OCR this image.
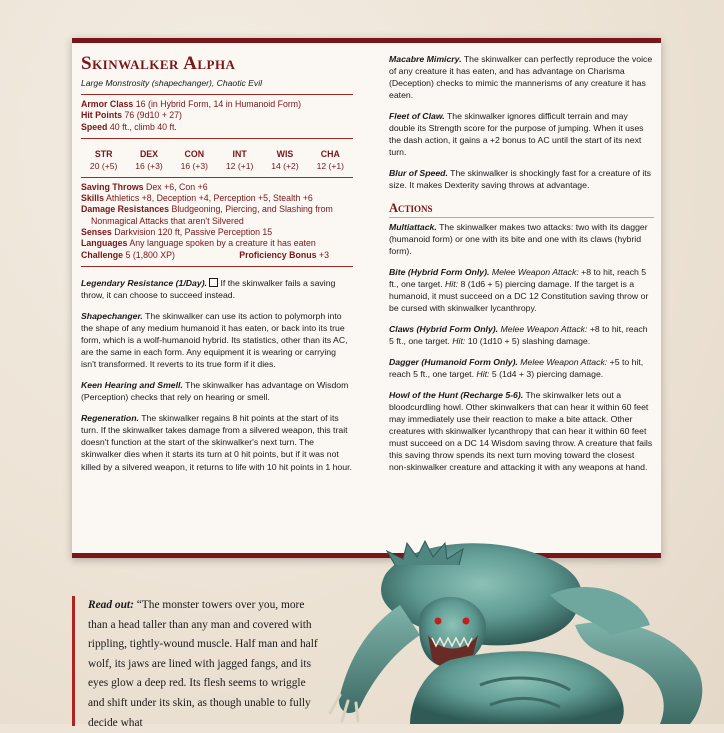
Skinwalker Alpha
Large Monstrosity (shapechanger), Chaotic Evil
Armor Class 16 (in Hybrid Form, 14 in Humanoid Form)
Hit Points 76 (9d10 + 27)
Speed 40 ft., climb 40 ft.
STR
20 (+5)
DEX
16 (+3)
CON
16 (+3)
INT
12 (+1)
WIS
14 (+2)
CHA
12 (+1)
Saving Throws Dex +6, Con +6
Skills Athletics +8, Deception +4, Perception +5, Stealth +6
Damage Resistances Bludgeoning, Piercing, and Slashing from Nonmagical Attacks that aren't Silvered
Senses Darkvision 120 ft, Passive Perception 15
Languages Any language spoken by a creature it has eaten
Challenge 5 (1,800 XP)	Proficiency Bonus +3

Legendary Resistance (1/Day). If the skinwalker fails a saving throw, it can choose to succeed instead.

Shapechanger. The skinwalker can use its action to polymorph into the shape of any medium humanoid it has eaten, or back into its true form, which is a wolf-humanoid hybrid. Its statistics, other than its AC, are the same in each form. Any equipment it is wearing or carrying isn't transformed. It reverts to its true form if it dies.

Keen Hearing and Smell. The skinwalker has advantage on Wisdom (Perception) checks that rely on hearing or smell.

Regeneration. The skinwalker regains 8 hit points at the start of its turn. If the skinwalker takes damage from a silvered weapon, this trait doesn't function at the start of the skinwalker's next turn. The skinwalker dies when it starts its turn at 0 hit points, but if it was not killed by a silvered weapon, it returns to life with 10 hit points in 1 hour.

Macabre Mimicry. The skinwalker can perfectly reproduce the voice of any creature it has eaten, and has advantage on Charisma (Deception) checks to mimic the mannerisms of any creature it has eaten.

Fleet of Claw. The skinwalker ignores difficult terrain and may double its Strength score for the purpose of jumping. When it uses the dash action, it gains a +2 bonus to AC until the start of its next turn.

Blur of Speed. The skinwalker is shockingly fast for a creature of its size. It makes Dexterity saving throws at advantage.

Actions

Multiattack. The skinwalker makes two attacks: two with its dagger (humanoid form) or one with its bite and one with its claws (hybrid form).

Bite (Hybrid Form Only). Melee Weapon Attack: +8 to hit, reach 5 ft., one target. Hit: 8 (1d6 + 5) piercing damage. If the target is a humanoid, it must succeed on a DC 12 Constitution saving throw or be cursed with skinwalker lycanthropy.

Claws (Hybrid Form Only). Melee Weapon Attack: +8 to hit, reach 5 ft., one target. Hit: 10 (1d10 + 5) slashing damage.

Dagger (Humanoid Form Only). Melee Weapon Attack: +5 to hit, reach 5 ft., one target. Hit: 5 (1d4 + 3) piercing damage.

Howl of the Hunt (Recharge 5-6). The skinwalker lets out a bloodcurdling howl. Other skinwalkers that can hear it within 60 feet may immediately use their reaction to make a bite attack. Other creatures with skinwalker lycanthropy that can hear it within 60 feet must succeed on a DC 14 Wisdom saving throw. A creature that fails this saving throw spends its next turn moving toward the closest non-skinwalker creature and attacking it with any weapons at hand.

Read out: “The monster towers over you, more than a head taller than any man and covered with rippling, tightly-wound muscle. Half man and half wolf, its jaws are lined with jagged fangs, and its eyes glow a deep red. Its flesh seems to wriggle and shift under its skin, as though unable to fully decide what
